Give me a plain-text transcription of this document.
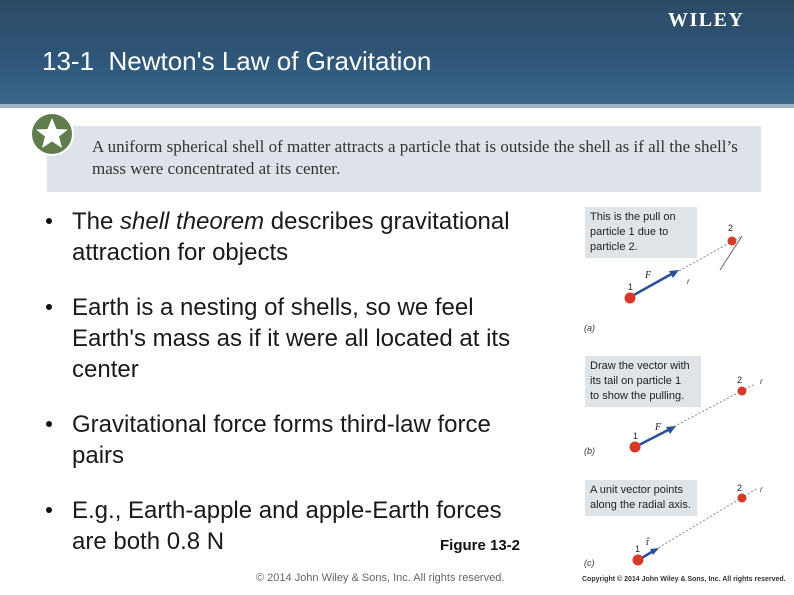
13-1  Newton's Law of Gravitation
WILEY
A uniform spherical shell of matter attracts a particle that is outside the shell as if all the shell’s mass were concentrated at its center.
The shell theorem describes gravitational attraction for objects
Earth is a nesting of shells, so we feel Earth's mass as if it were all located at its center
Gravitational force forms third-law force pairs
E.g., Earth-apple and apple-Earth forces are both 0.8 N
This is the pull on
particle 1 due to
particle 2.
F
1
2
r
(a)
Draw the vector with
its tail on particle 1
to show the pulling.
F
1
2 r
(b)
A unit vector points
along the radial axis.
r̂
1
2 r
(c)
Figure 13-2
© 2014 John Wiley & Sons, Inc. All rights reserved.	Copyright © 2014 John Wiley & Sons, Inc. All rights reserved.
